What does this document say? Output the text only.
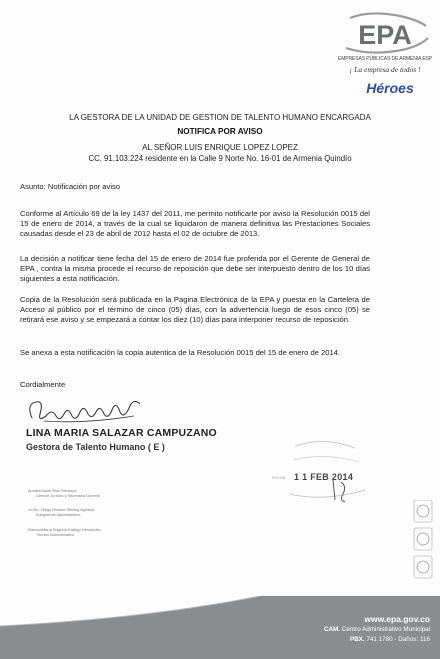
EPA
EMPRESAS PÚBLICAS DE ARMENIA ESP
¡ La empresa de todos !
Héroes
LA GESTORA DE LA UNIDAD DE GESTION DE TALENTO HUMANO ENCARGADA
NOTIFICA POR AVISO
AL SEÑOR LUIS ENRIQUE LOPEZ LOPEZ
CC. 91.103.224 residente en la Calle 9 Norte No. 16-01 de Armenia Quindío
Asunto: Notificación por aviso
Conforme al Artículo 69 de la ley 1437 del 2011, me permito notificarle por aviso la Resolución 0015 del 15 de enero de 2014, a través de la cual se liquidaron de manera definitiva las Prestaciones Sociales causadas desde el 23 de abril de 2012 hasta el 02 de octubre de 2013.
La decisión a notificar tiene fecha del 15 de enero de 2014 fue proferida por el Gerente de General de EPA , contra la misma procede el recurso de reposición que debe ser interpuesto dentro de los 10 días siguientes a esta notificación.
Copia de la Resolución será publicada en la Pagina Electrónica de la EPA y puesta en la Cartelera de Acceso al público por el término de cinco (05) días, con la advertencia luego de esos cinco (05) se retirará ese aviso y se empezará a contar los diez (10) días para interponer recurso de reposición.
Se anexa a esta notificación la copia autentica de la Resolución 0015 del 15 de enero de 2014.
Cordialmente
LINA MARIA SALAZAR CAMPUZANO
Gestora de Talento Humano ( E )
Aprobó/Javier Ruiz Restrepo
Director Jurídico y Secretaría General
Vo.Bo.: Diego Ricardo Sterling Aguilera
Subgerente Administrativo
Elaboró/María Eugenia Gallego Hernández
Técnico Administrativo
FECHA 1 1 FEB 2014
www.epa.gov.co
CAM. Centro Administrativo Municipal
PBX. 741 1780 - Daños: 116
